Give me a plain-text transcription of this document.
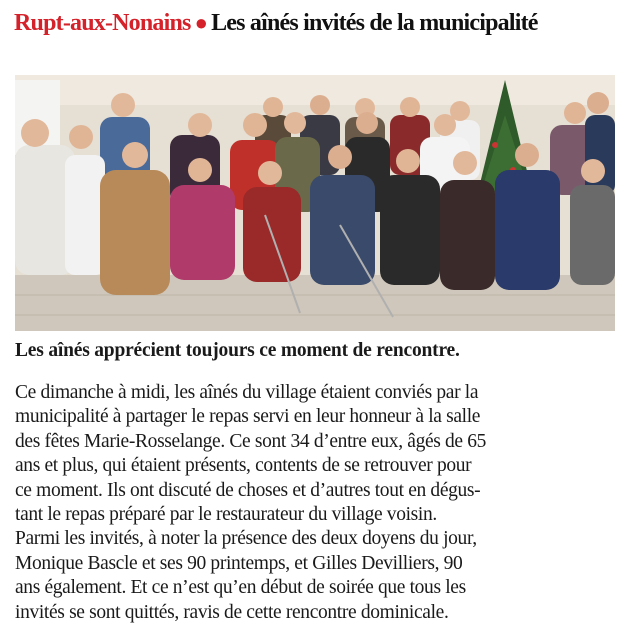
Rupt-aux-Nonains ● Les aînés invités de la municipalité
Les aînés apprécient toujours ce moment de rencontre.
Ce dimanche à midi, les aînés du village étaient conviés par la
municipalité à partager le repas servi en leur honneur à la salle
des fêtes Marie-Rosselange. Ce sont 34 d’entre eux, âgés de 65
ans et plus, qui étaient présents, contents de se retrouver pour
ce moment. Ils ont discuté de choses et d’autres tout en dégus-
tant le repas préparé par le restaurateur du village voisin.
Parmi les invités, à noter la présence des deux doyens du jour,
Monique Bascle et ses 90 printemps, et Gilles Devilliers, 90
ans également. Et ce n’est qu’en début de soirée que tous les
invités se sont quittés, ravis de cette rencontre dominicale.
